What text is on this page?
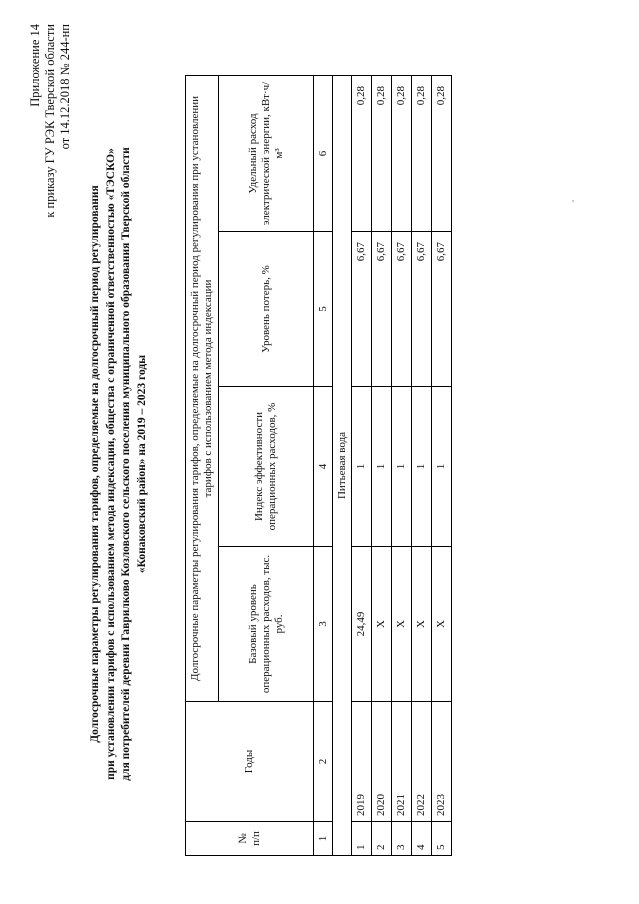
Приложение 14 к приказу ГУ РЭК Тверской области от 14.12.2018 № 244-нп
Долгосрочные параметры регулирования тарифов, определяемые на долгосрочный период регулирования при установлении тарифов с использованием метода индексации, общества с ограниченной ответственностью «ТЭСКО» для потребителей деревни Гаврилково Козловского сельского поселения муниципального образования Тверской области «Конаковский район» на 2019 – 2023 годы
№
п/п	Годы	Долгосрочные параметры регулирования тарифов, определяемые на долгосрочный период регулирования при установлении тарифов с использованием метода индексации			
		Базовый уровень операционных расходов, тыс. руб.	Индекс эффективности операционных расходов, %	Уровень потерь, %	Удельный расход электрической энергии, кВт·ч/м³
1	2	3	4	5	6
Питьевая вода					
1	2019	24,49	1	6,67	0,28
2	2020	X	1	6,67	0,28
3	2021	X	1	6,67	0,28
4	2022	X	1	6,67	0,28
5	2023	X	1	6,67	0,28
